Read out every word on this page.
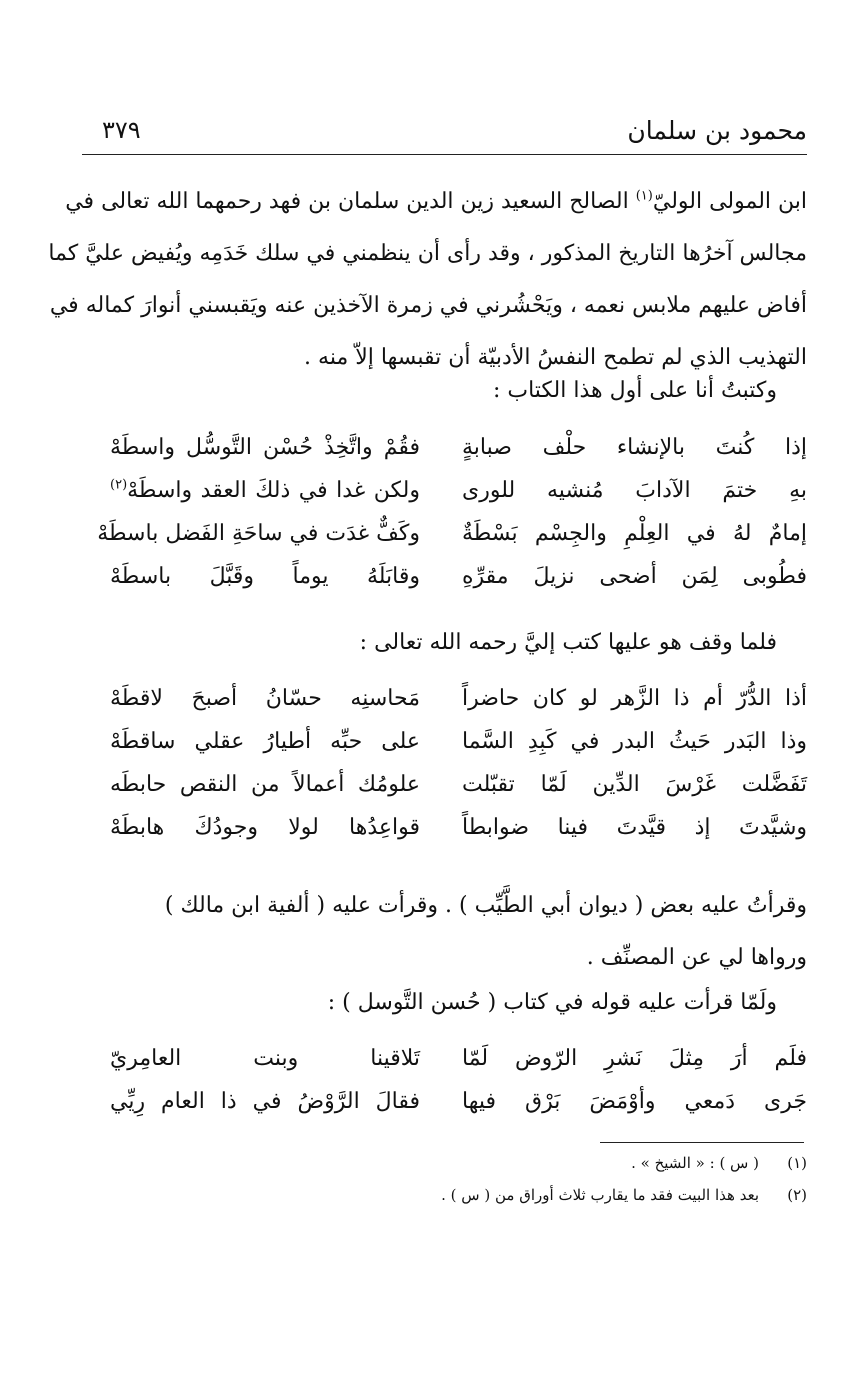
محمود بن سلمان
٣٧٩
ابن المولى الوليّ$^{(١)}$ الصالح السعيد زين الدين سلمان بن فهد رحمهما الله تعالى في
مجالس آخرُها التاريخ المذكور ، وقد رأى أن ينظمني في سلك خَدَمِه ويُفيض عليَّ كما
أفاض عليهم ملابس نعمه ، ويَحْشُرني في زمرة الآخذين عنه ويَقبسني أنوارَ كماله في
التهذيب الذي لم تطمح النفسُ الأدبيّة أن تقبسها إلاّ منه .
وكتبتُ أنا على أول هذا الكتاب :
إذا كُنتَ بالإنشاء حلْف صبابةٍ
فقُمْ واتَّخِذْ حُسْن التَّوسُّل واسطَهْ
بهِ ختمَ الآدابَ مُنشيه للورى
ولكن غدا في ذلكَ العقد واسطَهْ$^{(٢)}$
إمامٌ لهُ في العِلْمِ والجِسْم بَسْطَةٌ
وكَفٌّ غدَت في ساحَةِ الفَضل باسطَهْ
فطُوبى لِمَن أضحى نزيلَ مقرِّهِ
وقابَلَهُ يوماً وقَبَّلَ باسطَهْ
فلما وقف هو عليها كتب إليَّ رحمه الله تعالى :
أذا الدُّرّ أم ذا الزَّهر لو كان حاضراً
مَحاسنِه حسّانُ أصبحَ لاقطَهْ
وذا البَدر حَيثُ البدر في كَبِدِ السَّما
على حبِّه أطيارُ عقلي ساقطَهْ
تَفَضَّلت غَرْسَ الدِّين لَمّا تقبّلت
علومُك أعمالاً من النقص حابطَه
وشيَّدتَ إذ قيَّدتَ فينا ضوابطاً
قواعِدُها لولا وجودُكَ هابطَهْ
وقرأتُ عليه بعض ( ديوان أبي الطَّيِّب ) . وقرأت عليه ( ألفية ابن مالك )
ورواها لي عن المصنِّف .
ولَمّا قرأت عليه قوله في كتاب ( حُسن التَّوسل ) :
فلَم أرَ مِثلَ نَشرِ الرّوض لَمّا
تَلاقينا وبنت العامِريّ
جَرى دَمعي وأوْمَضَ بَرْق فيها
فقالَ الرَّوْضُ في ذا العام رِيِّي
(١)
( س ) : « الشيخ » .
(٢)
بعد هذا البيت فقد ما يقارب ثلاث أوراق من ( س ) .
